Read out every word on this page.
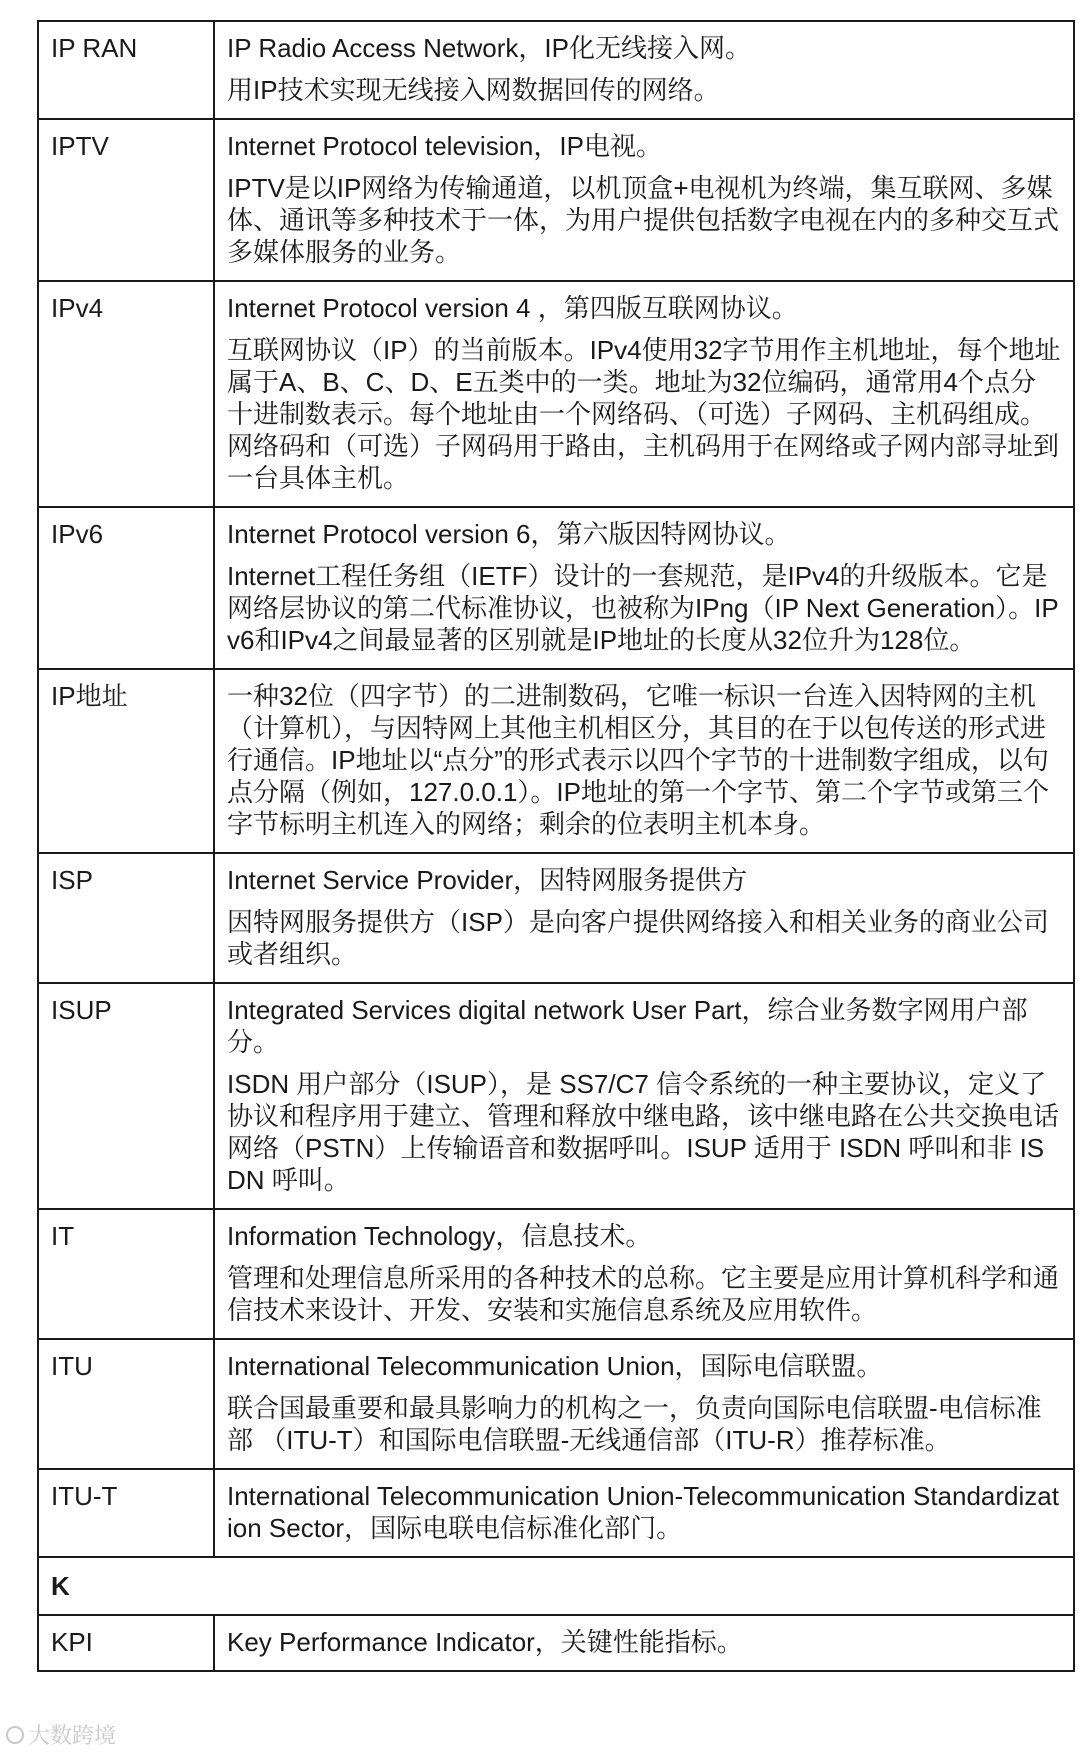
IP RAN	IP Radio Access Network，IP化无线接入网。
用IP技术实现无线接入网数据回传的网络。

IPTV	Internet Protocol television，IP电视。
IPTV是以IP网络为传输通道，以机顶盒+电视机为终端，集互联网、多媒体、通讯等多种技术于一体，为用户提供包括数字电视在内的多种交互式多媒体服务的业务。

IPv4	Internet Protocol version 4 ，第四版互联网协议。
互联网协议（IP）的当前版本。IPv4使用32字节用作主机地址，每个地址属于A、B、C、D、E五类中的一类。地址为32位编码，通常用4个点分十进制数表示。每个地址由一个网络码、（可选）子网码、主机码组成。网络码和（可选）子网码用于路由，主机码用于在网络或子网内部寻址到一台具体主机。

IPv6	Internet Protocol version 6，第六版因特网协议。
Internet工程任务组（IETF）设计的一套规范，是IPv4的升级版本。它是网络层协议的第二代标准协议，也被称为IPng（IP Next Generation）。IPv6和IPv4之间最显著的区别就是IP地址的长度从32位升为128位。

IP地址	一种32位（四字节）的二进制数码，它唯一标识一台连入因特网的主机（计算机），与因特网上其他主机相区分，其目的在于以包传送的形式进行通信。IP地址以“点分”的形式表示以四个字节的十进制数字组成，以句点分隔（例如，127.0.0.1）。IP地址的第一个字节、第二个字节或第三个字节标明主机连入的网络；剩余的位表明主机本身。

ISP	Internet Service Provider，因特网服务提供方
因特网服务提供方（ISP）是向客户提供网络接入和相关业务的商业公司或者组织。

ISUP	Integrated Services digital network User Part，综合业务数字网用户部分。
ISDN 用户部分（ISUP），是 SS7/C7 信令系统的一种主要协议，定义了协议和程序用于建立、管理和释放中继电路，该中继电路在公共交换电话网络（PSTN）上传输语音和数据呼叫。ISUP 适用于 ISDN 呼叫和非 ISDN 呼叫。

IT	Information Technology，信息技术。
管理和处理信息所采用的各种技术的总称。它主要是应用计算机科学和通信技术来设计、开发、安装和实施信息系统及应用软件。

ITU	International Telecommunication Union，国际电信联盟。
联合国最重要和最具影响力的机构之一，负责向国际电信联盟-电信标准部 （ITU-T）和国际电信联盟-无线通信部（ITU-R）推荐标准。

ITU-T	International Telecommunication Union-Telecommunication Standardization Sector，国际电联电信标准化部门。

K	
KPI	Key Performance Indicator，关键性能指标。
大数跨境
